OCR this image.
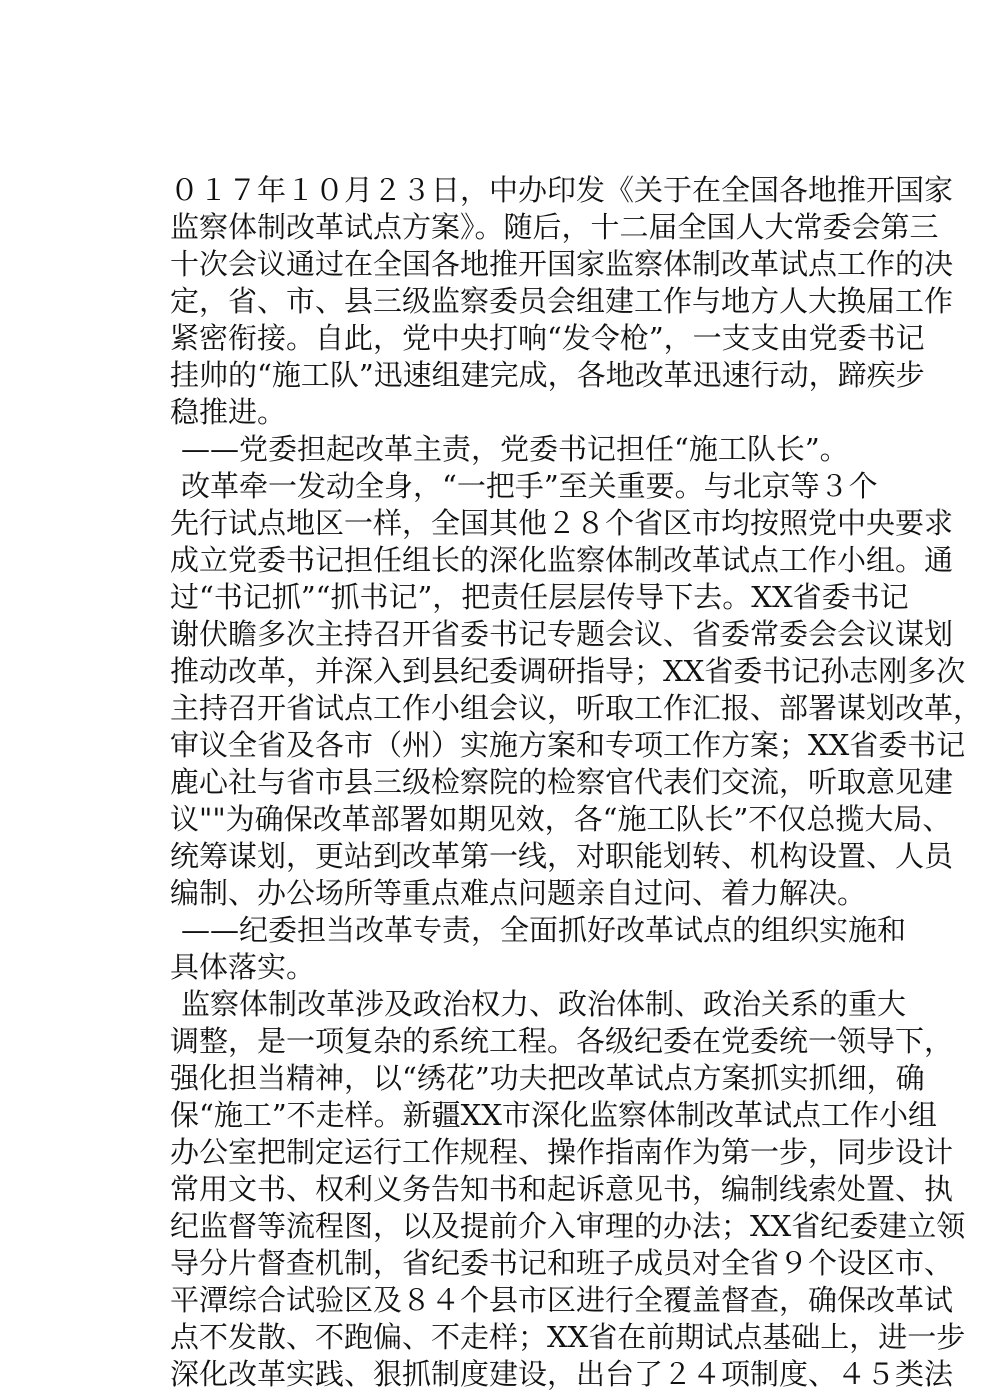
０１７年１０月２３日，中办印发《关于在全国各地推开国家
监察体制改革试点方案》。随后，十二届全国人大常委会第三
十次会议通过在全国各地推开国家监察体制改革试点工作的决
定，省、市、县三级监察委员会组建工作与地方人大换届工作
紧密衔接。自此，党中央打响“发令枪”，一支支由党委书记
挂帅的“施工队”迅速组建完成，各地改革迅速行动，蹄疾步
稳推进。
——党委担起改革主责，党委书记担任“施工队长”。
改革牵一发动全身，“一把手”至关重要。与北京等３个
先行试点地区一样，全国其他２８个省区市均按照党中央要求
成立党委书记担任组长的深化监察体制改革试点工作小组。通
过“书记抓”“抓书记”，把责任层层传导下去。XX省委书记
谢伏瞻多次主持召开省委书记专题会议、省委常委会会议谋划
推动改革，并深入到县纪委调研指导；XX省委书记孙志刚多次
主持召开省试点工作小组会议，听取工作汇报、部署谋划改革，
审议全省及各市（州）实施方案和专项工作方案；XX省委书记
鹿心社与省市县三级检察院的检察官代表们交流，听取意见建
议""为确保改革部署如期见效，各“施工队长”不仅总揽大局、
统筹谋划，更站到改革第一线，对职能划转、机构设置、人员
编制、办公场所等重点难点问题亲自过问、着力解决。
——纪委担当改革专责，全面抓好改革试点的组织实施和
具体落实。
监察体制改革涉及政治权力、政治体制、政治关系的重大
调整，是一项复杂的系统工程。各级纪委在党委统一领导下，
强化担当精神，以“绣花”功夫把改革试点方案抓实抓细，确
保“施工”不走样。新疆XX市深化监察体制改革试点工作小组
办公室把制定运行工作规程、操作指南作为第一步，同步设计
常用文书、权利义务告知书和起诉意见书，编制线索处置、执
纪监督等流程图，以及提前介入审理的办法；XX省纪委建立领
导分片督查机制，省纪委书记和班子成员对全省９个设区市、
平潭综合试验区及８４个县市区进行全覆盖督查，确保改革试
点不发散、不跑偏、不走样；XX省在前期试点基础上，进一步
深化改革实践、狠抓制度建设，出台了２４项制度、４５类法
